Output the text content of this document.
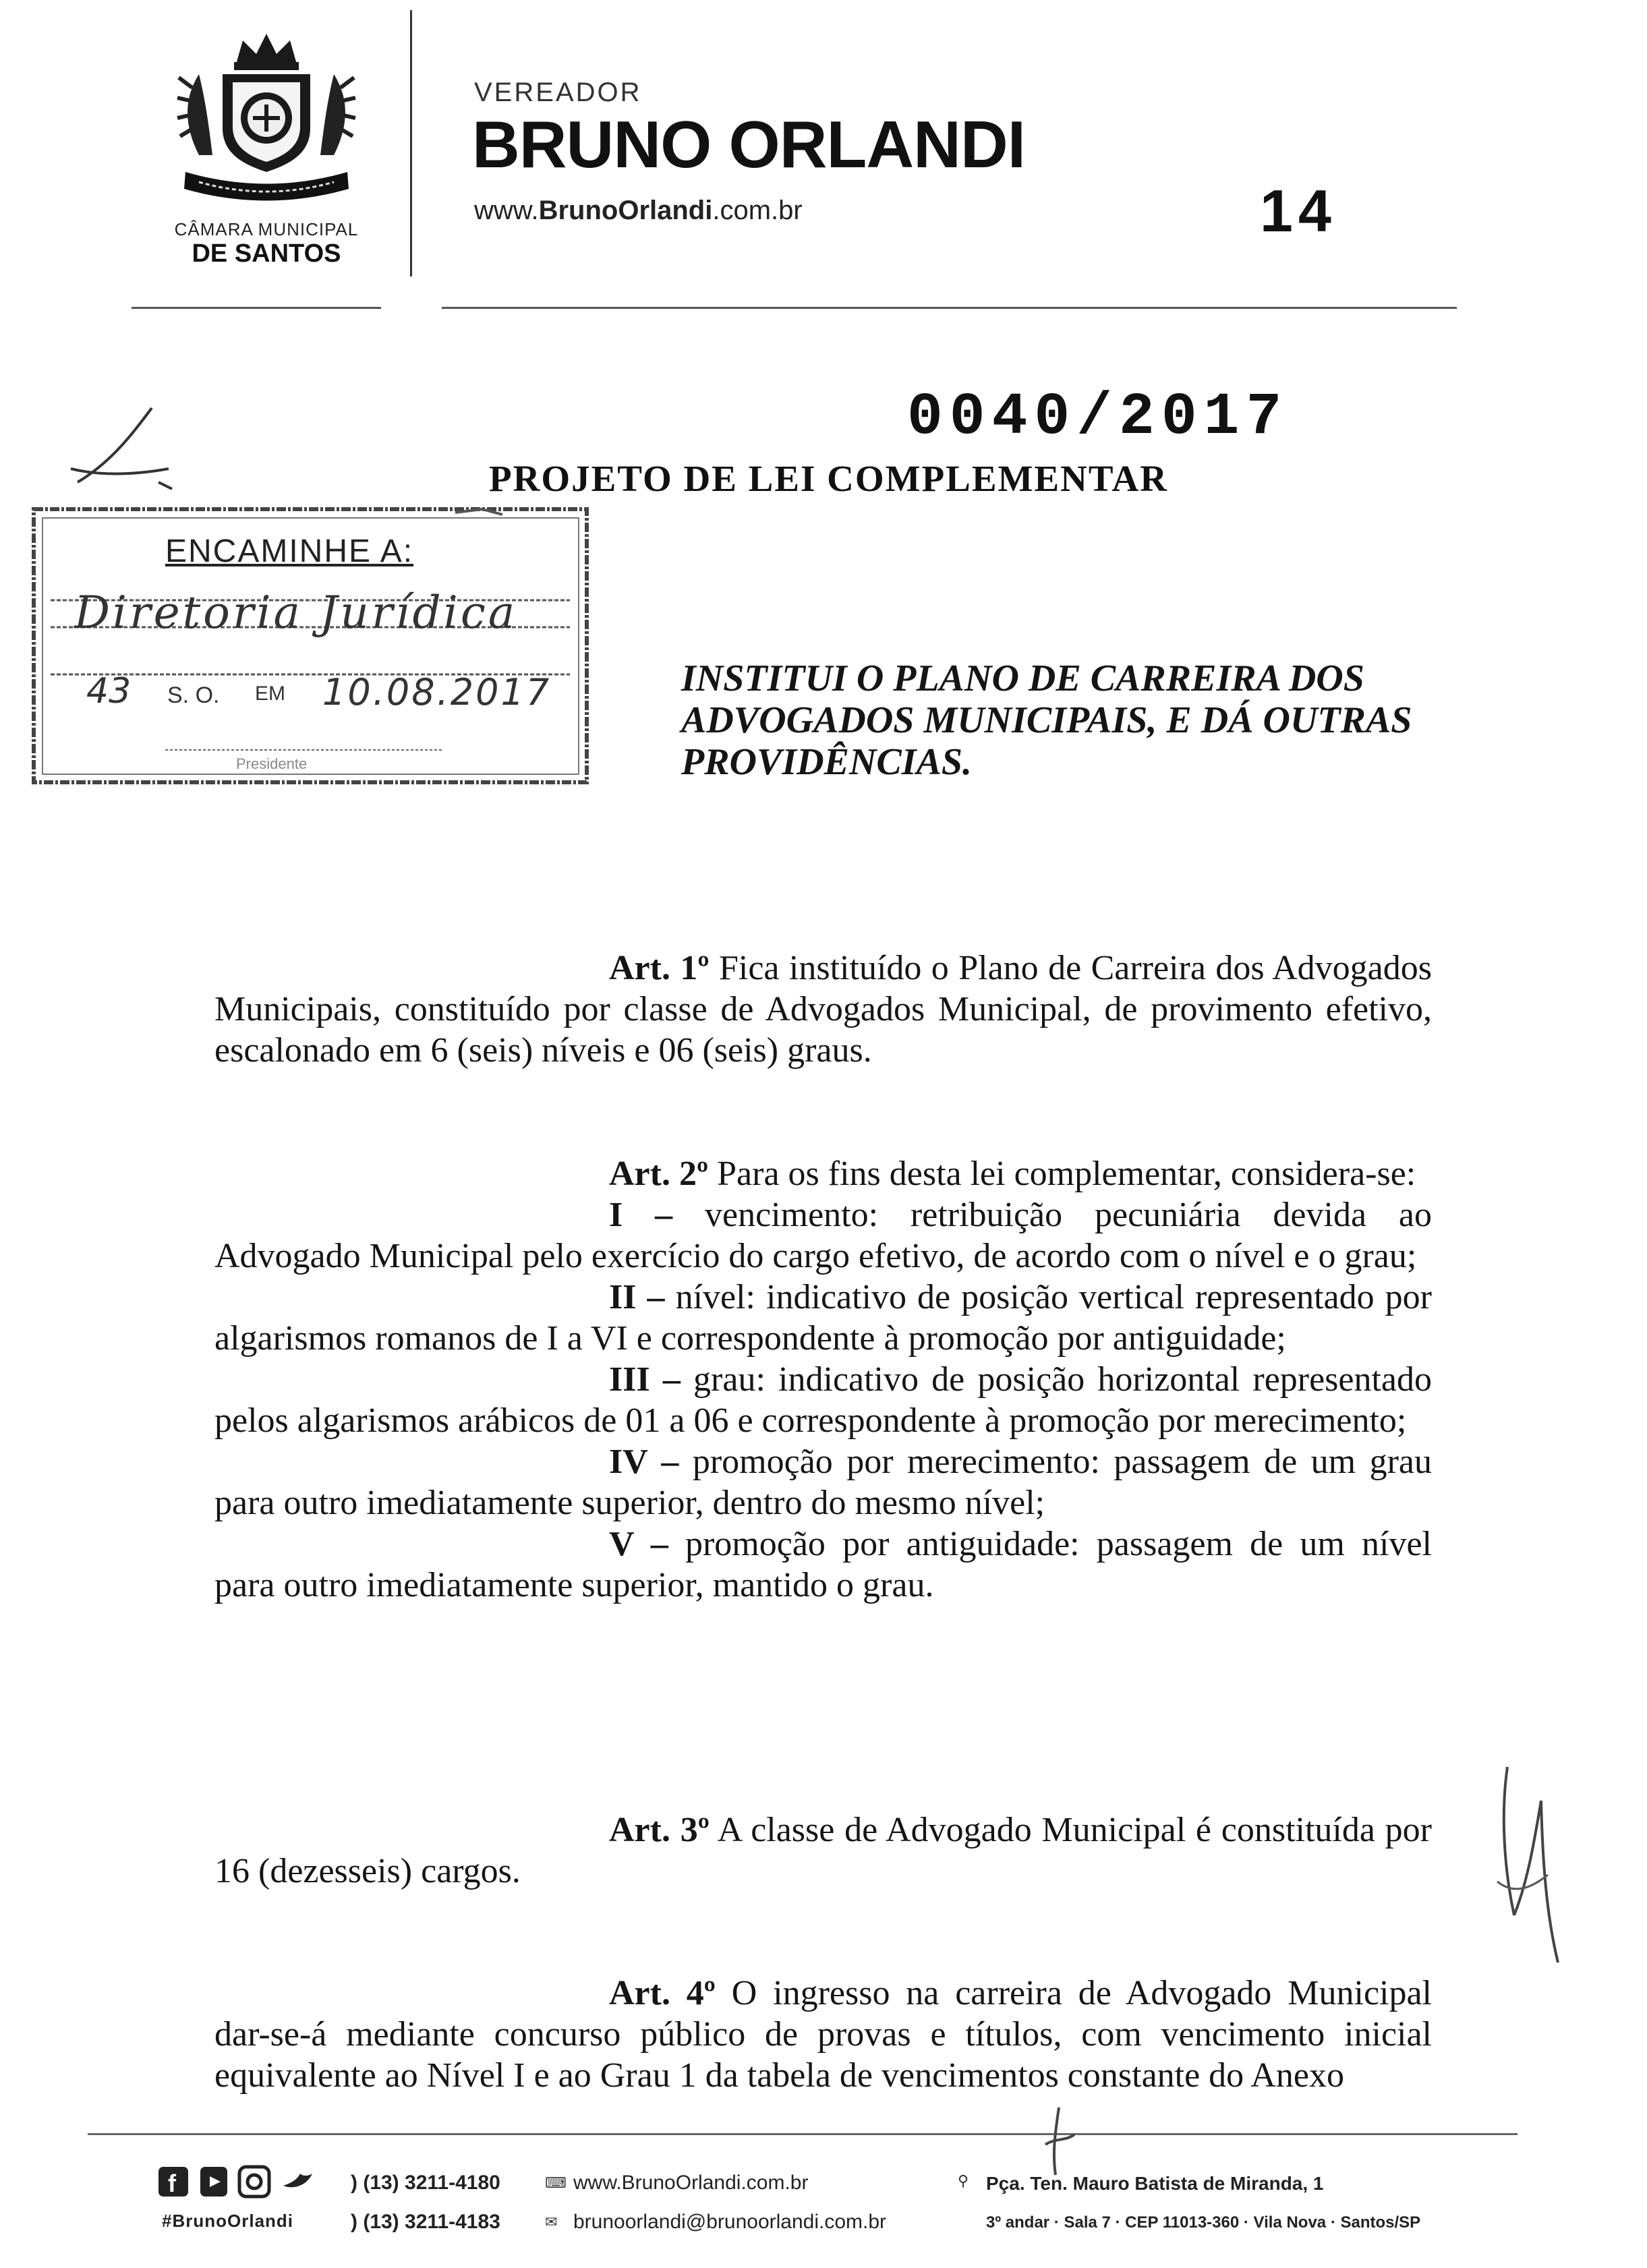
CÂMARA MUNICIPAL
DE SANTOS
VEREADOR
BRUNO ORLANDI
www.BrunoOrlandi.com.br	14
0040/2017
PROJETO DE LEI COMPLEMENTAR
ENCAMINHE A:
Diretoria Jurídica
43 S. O. EM 10.08.2017
Presidente
INSTITUI O PLANO DE CARREIRA DOS ADVOGADOS MUNICIPAIS, E DÁ OUTRAS PROVIDÊNCIAS.
Art. 1º Fica instituído o Plano de Carreira dos Advogados Municipais, constituído por classe de Advogados Municipal, de provimento efetivo, escalonado em 6 (seis) níveis e 06 (seis) graus.
Art. 2º Para os fins desta lei complementar, considera-se:
I – vencimento: retribuição pecuniária devida ao Advogado Municipal pelo exercício do cargo efetivo, de acordo com o nível e o grau;
II – nível: indicativo de posição vertical representado por algarismos romanos de I a VI e correspondente à promoção por antiguidade;
III – grau: indicativo de posição horizontal representado pelos algarismos arábicos de 01 a 06 e correspondente à promoção por merecimento;
IV – promoção por merecimento: passagem de um grau para outro imediatamente superior, dentro do mesmo nível;
V – promoção por antiguidade: passagem de um nível para outro imediatamente superior, mantido o grau.
Art. 3º A classe de Advogado Municipal é constituída por 16 (dezesseis) cargos.
Art. 4º O ingresso na carreira de Advogado Municipal dar-se-á mediante concurso público de provas e títulos, com vencimento inicial equivalente ao Nível I e ao Grau 1 da tabela de vencimentos constante do Anexo
f
#BrunoOrlandi
) (13) 3211-4180
) (13) 3211-4183
⌨ www.BrunoOrlandi.com.br
✉ brunoorlandi@brunoorlandi.com.br
⚲ Pça. Ten. Mauro Batista de Miranda, 1
3º andar · Sala 7 · CEP 11013-360 · Vila Nova · Santos/SP
